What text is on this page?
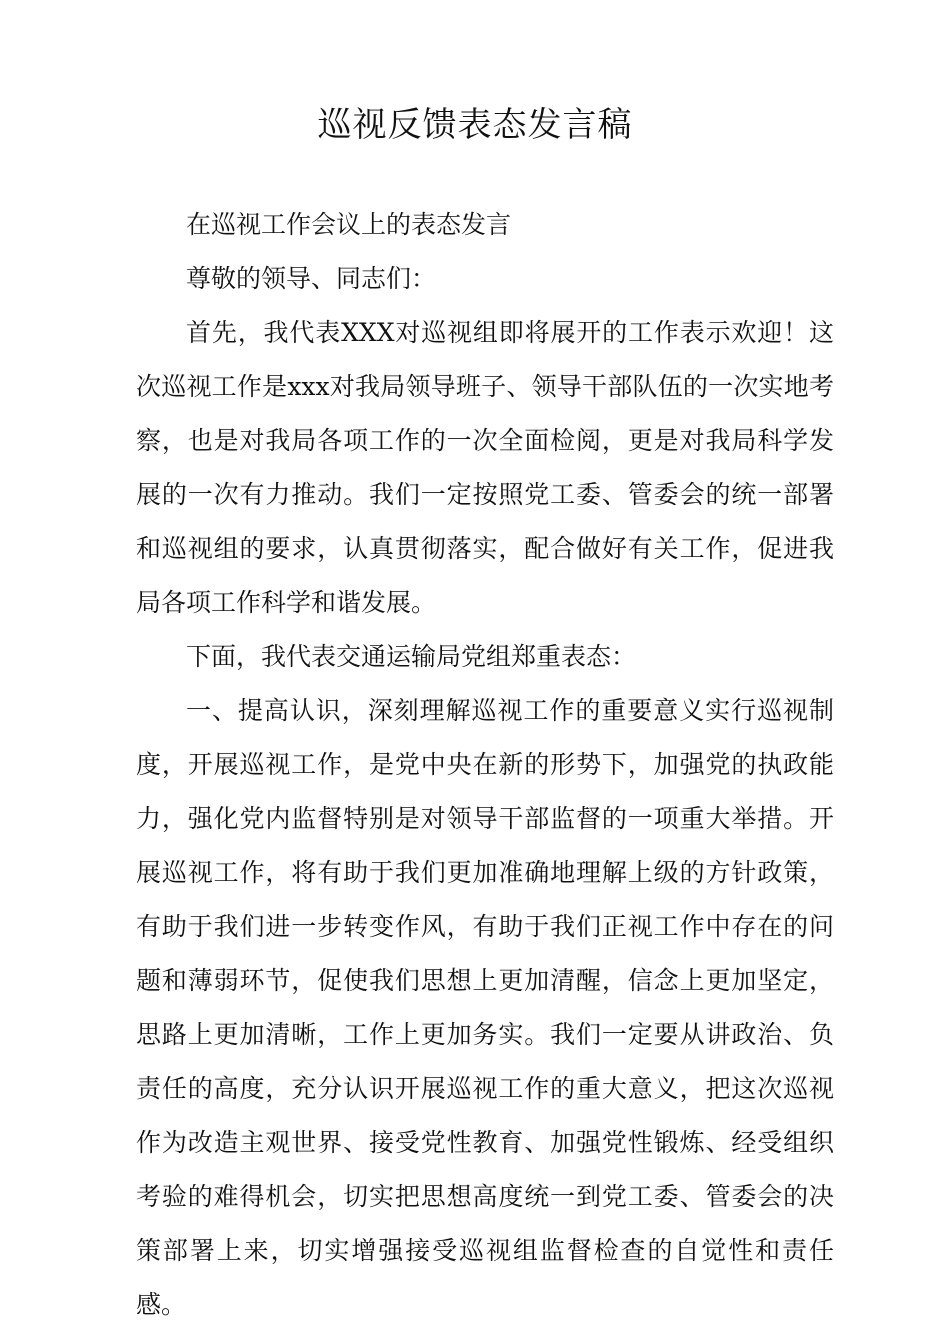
巡视反馈表态发言稿

在巡视工作会议上的表态发言

尊敬的领导、同志们：

首先，我代表XXX对巡视组即将展开的工作表示欢迎！这次巡视工作是xxx对我局领导班子、领导干部队伍的一次实地考察，也是对我局各项工作的一次全面检阅，更是对我局科学发展的一次有力推动。我们一定按照党工委、管委会的统一部署和巡视组的要求，认真贯彻落实，配合做好有关工作，促进我局各项工作科学和谐发展。

下面，我代表交通运输局党组郑重表态：

一、提高认识，深刻理解巡视工作的重要意义实行巡视制度，开展巡视工作，是党中央在新的形势下，加强党的执政能力，强化党内监督特别是对领导干部监督的一项重大举措。开展巡视工作，将有助于我们更加准确地理解上级的方针政策，有助于我们进一步转变作风，有助于我们正视工作中存在的问题和薄弱环节，促使我们思想上更加清醒，信念上更加坚定，思路上更加清晰，工作上更加务实。我们一定要从讲政治、负责任的高度，充分认识开展巡视工作的重大意义，把这次巡视作为改造主观世界、接受党性教育、加强党性锻炼、经受组织考验的难得机会，切实把思想高度统一到党工委、管委会的决策部署上来，切实增强接受巡视组监督检查的自觉性和责任感。
